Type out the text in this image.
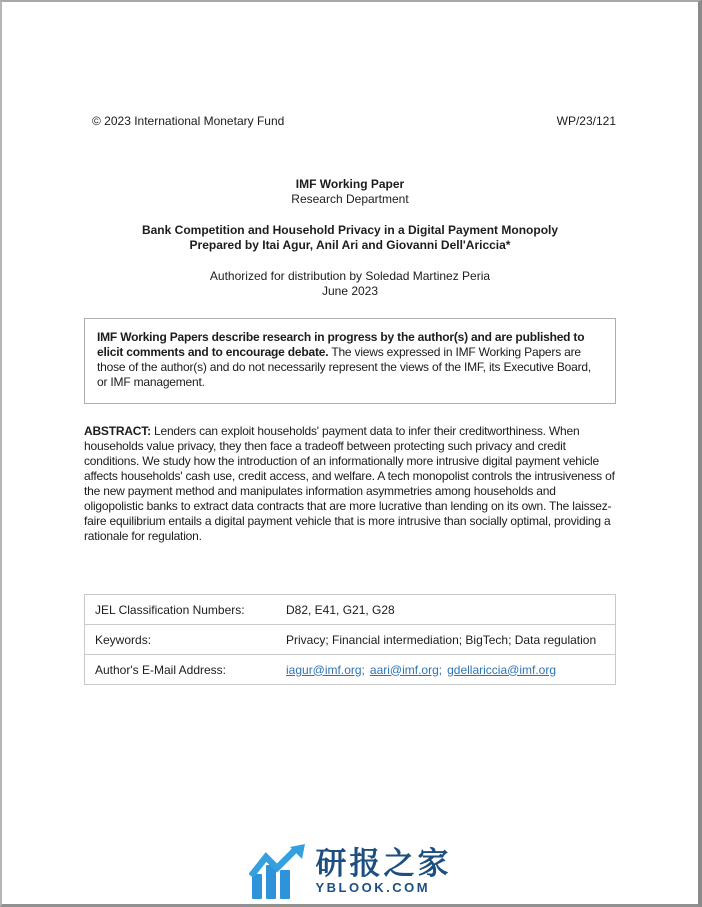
© 2023 International Monetary Fund	WP/23/121

IMF Working Paper

Research Department

Bank Competition and Household Privacy in a Digital Payment Monopoly

Prepared by Itai Agur, Anil Ari and Giovanni Dell'Ariccia*

Authorized for distribution by Soledad Martinez Peria

June 2023

IMF Working Papers describe research in progress by the author(s) and are published to elicit comments and to encourage debate. The views expressed in IMF Working Papers are those of the author(s) and do not necessarily represent the views of the IMF, its Executive Board, or IMF management.

ABSTRACT: Lenders can exploit households' payment data to infer their creditworthiness. When households value privacy, they then face a tradeoff between protecting such privacy and credit conditions. We study how the introduction of an informationally more intrusive digital payment vehicle affects households' cash use, credit access, and welfare. A tech monopolist controls the intrusiveness of the new payment method and manipulates information asymmetries among households and oligopolistic banks to extract data contracts that are more lucrative than lending on its own. The laissez-faire equilibrium entails a digital payment vehicle that is more intrusive than socially optimal, providing a rationale for regulation.

JEL Classification Numbers:	D82, E41, G21, G28
Keywords:	Privacy; Financial intermediation; BigTech; Data regulation
Author's E-Mail Address:	iagur@imf.org; aari@imf.org; gdellariccia@imf.org
研报之家
YBLOOK.COM
